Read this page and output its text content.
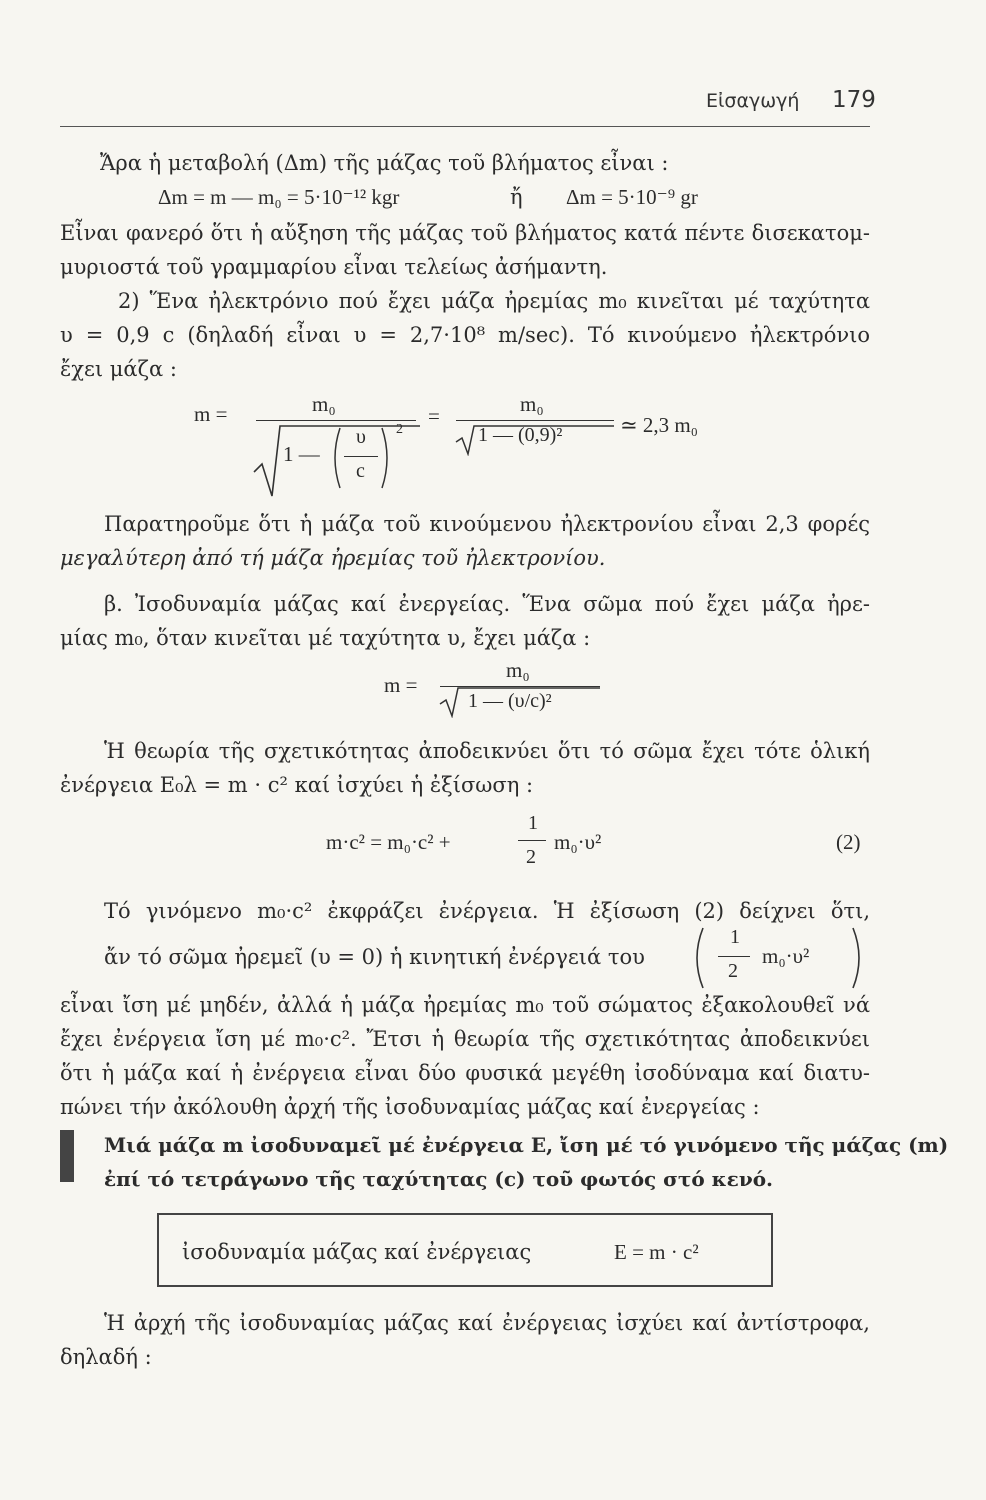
Εἰσαγωγή 179
Ἄρα ἡ μεταβολή (Δm) τῆς μάζας τοῦ βλήματος εἶναι :
Δm = m — m₀ = 5·10⁻¹² kgr	ἤ Δm = 5·10⁻⁹ gr
Εἶναι φανερό ὅτι ἡ αὔξηση τῆς μάζας τοῦ βλήματος κατά πέντε δισεκατομ-
μυριοστά τοῦ γραμμαρίου εἶναι τελείως ἀσήμαντη.
2) Ἕνα ἠλεκτρόνιο πού ἔχει μάζα ἠρεμίας m₀ κινεῖται μέ ταχύτητα
υ = 0,9 c (δηλαδή εἶναι υ = 2,7·10⁸ m/sec). Τό κινούμενο ἠλεκτρόνιο
ἔχει μάζα :
m =	m₀
1 —
υ
c
2
=	m₀
1 — (0,9)²	≃ 2,3 m₀
Παρατηροῦμε ὅτι ἡ μάζα τοῦ κινούμενου ἠλεκτρονίου εἶναι 2,3 φορές
μεγαλύτερη ἀπό τή μάζα ἠρεμίας τοῦ ἠλεκτρονίου.
β. Ἰσοδυναμία μάζας καί ἐνεργείας. Ἕνα σῶμα πού ἔχει μάζα ἠρε-
μίας m₀, ὅταν κινεῖται μέ ταχύτητα υ, ἔχει μάζα :
m =
m₀
1 — (υ/c)²
Ἡ θεωρία τῆς σχετικότητας ἀποδεικνύει ὅτι τό σῶμα ἔχει τότε ὁλική
ἐνέργεια E₀λ = m · c² καί ἰσχύει ἡ ἐξίσωση :
m·c² = m₀·c² +
1
2
m₀·υ²	(2)
Τό γινόμενο m₀·c² ἐκφράζει ἐνέργεια. Ἡ ἐξίσωση (2) δείχνει ὅτι,
ἄν τό σῶμα ἠρεμεῖ (υ = 0) ἡ κινητική ἐνέργειά του
1
2
m₀·υ²
εἶναι ἴση μέ μηδέν, ἀλλά ἡ μάζα ἠρεμίας m₀ τοῦ σώματος ἐξακολουθεῖ νά
ἔχει ἐνέργεια ἴση μέ m₀·c². Ἔτσι ἡ θεωρία τῆς σχετικότητας ἀποδεικνύει
ὅτι ἡ μάζα καί ἡ ἐνέργεια εἶναι δύο φυσικά μεγέθη ἰσοδύναμα καί διατυ-
πώνει τήν ἀκόλουθη ἀρχή τῆς ἰσοδυναμίας μάζας καί ἐνεργείας :
Μιά μάζα m ἰσοδυναμεῖ μέ ἐνέργεια E, ἴση μέ τό γινόμενο τῆς μάζας (m)
ἐπί τό τετράγωνο τῆς ταχύτητας (c) τοῦ φωτός στό κενό.
ἰσοδυναμία μάζας καί ἐνέργειας	E = m · c²
Ἡ ἀρχή τῆς ἰσοδυναμίας μάζας καί ἐνέργειας ἰσχύει καί ἀντίστροφα,
δηλαδή :
